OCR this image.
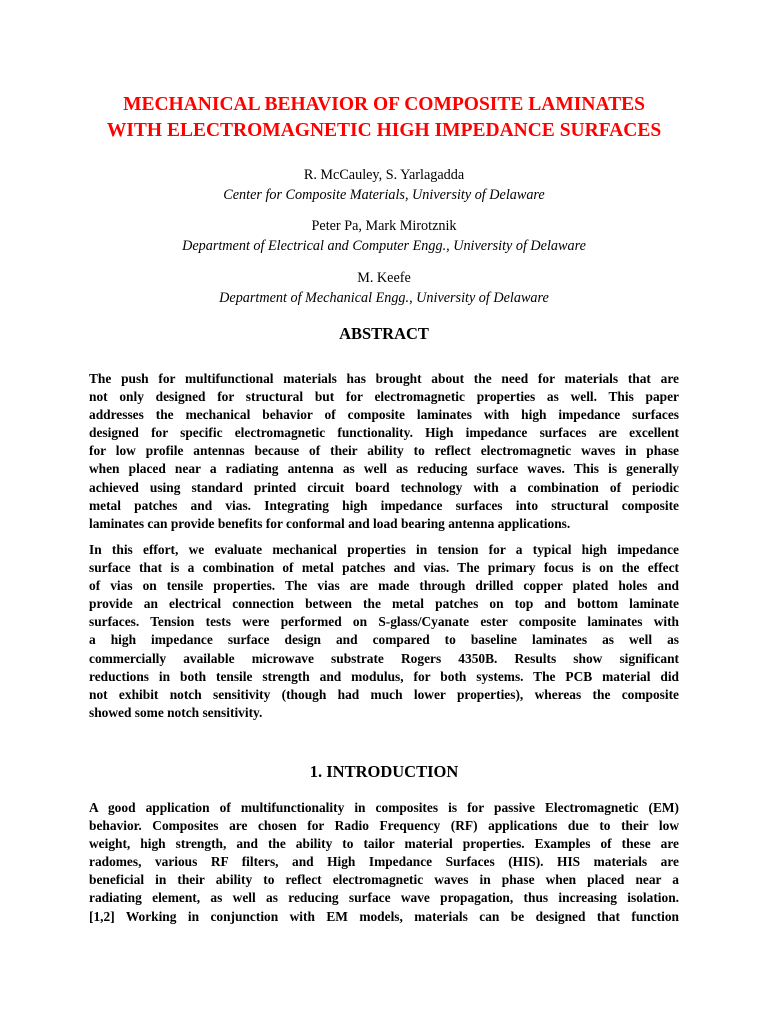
MECHANICAL BEHAVIOR OF COMPOSITE LAMINATES
WITH ELECTROMAGNETIC HIGH IMPEDANCE SURFACES
R. McCauley, S. Yarlagadda
Center for Composite Materials, University of Delaware
Peter Pa, Mark Mirotznik
Department of Electrical and Computer Engg., University of Delaware
M. Keefe
Department of Mechanical Engg., University of Delaware
ABSTRACT

The push for multifunctional materials has brought about the need for materials that are
not only designed for structural but for electromagnetic properties as well. This paper
addresses the mechanical behavior of composite laminates with high impedance surfaces
designed for specific electromagnetic functionality. High impedance surfaces are excellent
for low profile antennas because of their ability to reflect electromagnetic waves in phase
when placed near a radiating antenna as well as reducing surface waves. This is generally
achieved using standard printed circuit board technology with a combination of periodic
metal patches and vias. Integrating high impedance surfaces into structural composite
laminates can provide benefits for conformal and load bearing antenna applications.

In this effort, we evaluate mechanical properties in tension for a typical high impedance
surface that is a combination of metal patches and vias. The primary focus is on the effect
of vias on tensile properties. The vias are made through drilled copper plated holes and
provide an electrical connection between the metal patches on top and bottom laminate
surfaces. Tension tests were performed on S-glass/Cyanate ester composite laminates with
a high impedance surface design and compared to baseline laminates as well as
commercially available microwave substrate Rogers 4350B. Results show significant
reductions in both tensile strength and modulus, for both systems. The PCB material did
not exhibit notch sensitivity (though had much lower properties), whereas the composite
showed some notch sensitivity.

1. INTRODUCTION

A good application of multifunctionality in composites is for passive Electromagnetic (EM)
behavior. Composites are chosen for Radio Frequency (RF) applications due to their low
weight, high strength, and the ability to tailor material properties. Examples of these are
radomes, various RF filters, and High Impedance Surfaces (HIS). HIS materials are
beneficial in their ability to reflect electromagnetic waves in phase when placed near a
radiating element, as well as reducing surface wave propagation, thus increasing isolation.
[1,2] Working in conjunction with EM models, materials can be designed that function
